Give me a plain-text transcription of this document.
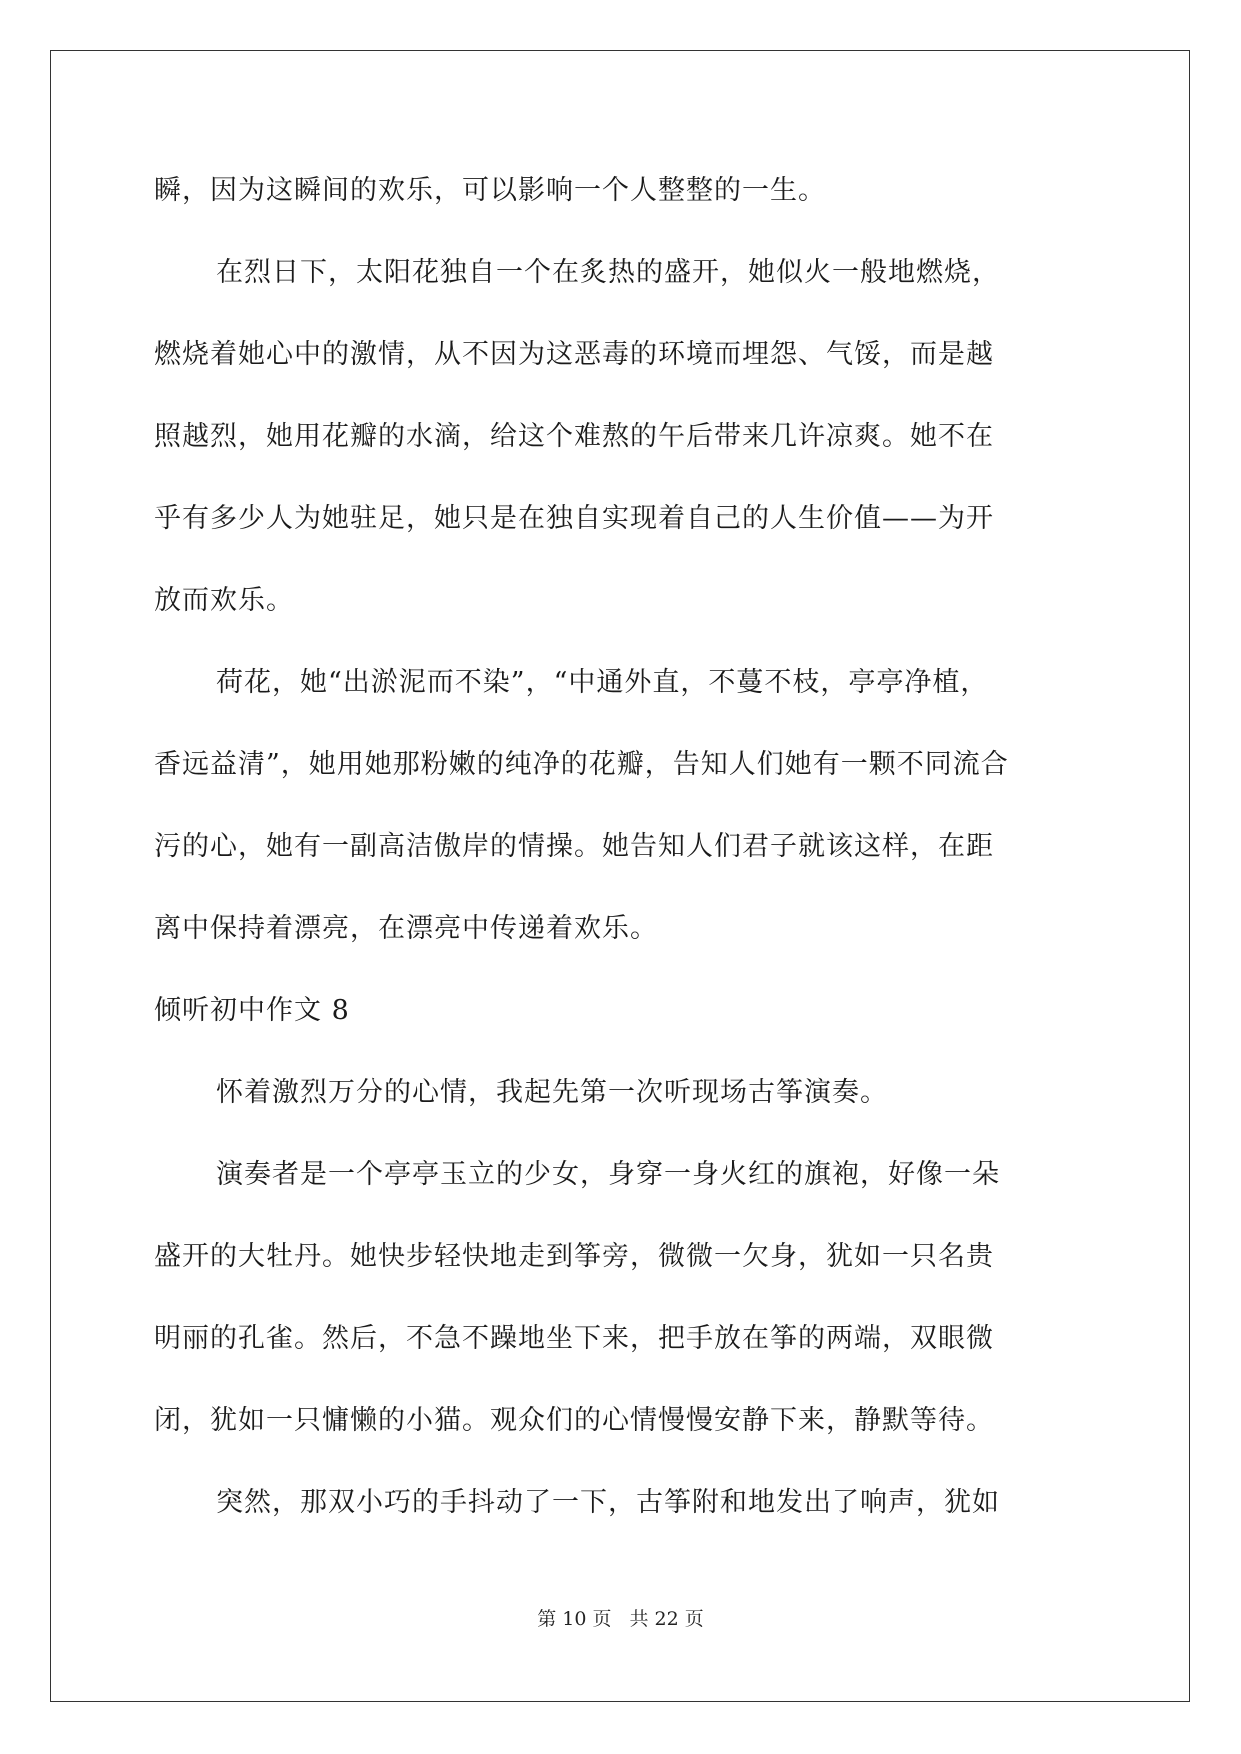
瞬，因为这瞬间的欢乐，可以影响一个人整整的一生。
在烈日下，太阳花独自一个在炙热的盛开，她似火一般地燃烧，
燃烧着她心中的激情，从不因为这恶毒的环境而埋怨、气馁，而是越
照越烈，她用花瓣的水滴，给这个难熬的午后带来几许凉爽。她不在
乎有多少人为她驻足，她只是在独自实现着自己的人生价值——为开
放而欢乐。
荷花，她“出淤泥而不染”，“中通外直，不蔓不枝，亭亭净植，
香远益清”，她用她那粉嫩的纯净的花瓣，告知人们她有一颗不同流合
污的心，她有一副高洁傲岸的情操。她告知人们君子就该这样，在距
离中保持着漂亮，在漂亮中传递着欢乐。
倾听初中作文 8
怀着激烈万分的心情，我起先第一次听现场古筝演奏。
演奏者是一个亭亭玉立的少女，身穿一身火红的旗袍，好像一朵
盛开的大牡丹。她快步轻快地走到筝旁，微微一欠身，犹如一只名贵
明丽的孔雀。然后，不急不躁地坐下来，把手放在筝的两端，双眼微
闭，犹如一只慵懒的小猫。观众们的心情慢慢安静下来，静默等待。
突然，那双小巧的手抖动了一下，古筝附和地发出了响声，犹如
第 10 页 共 22 页
